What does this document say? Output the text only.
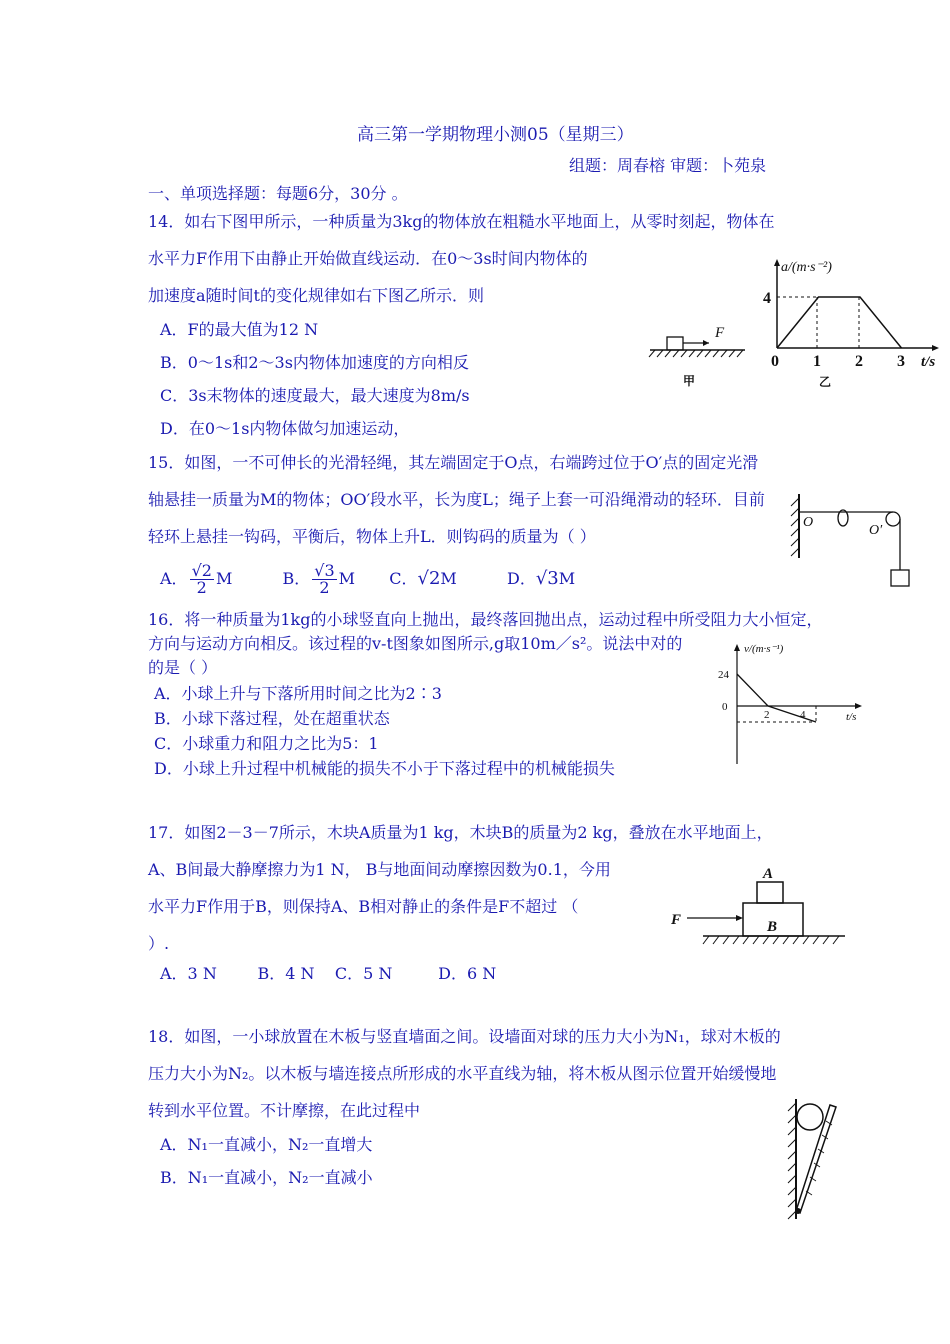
高三第一学期物理小测05（星期三）
组题：周春榕 审题：卜苑泉
一、单项选择题：每题6分，30分 。
14．如右下图甲所示，一种质量为3kg的物体放在粗糙水平地面上，从零时刻起，物体在
水平力F作用下由静止开始做直线运动．在0～3s时间内物体的
加速度a随时间t的变化规律如右下图乙所示．则
A．F的最大值为12 N
B．0～1s和2～3s内物体加速度的方向相反
C．3s末物体的速度最大，最大速度为8m/s
D．在0～1s内物体做匀加速运动，
F
甲
a/(m·s⁻²)
4
0 1 2 3 t/s
乙
15．如图，一不可伸长的光滑轻绳，其左端固定于O点，右端跨过位于O′点的固定光滑
轴悬挂一质量为M的物体；OO′段水平，长为度L；绳子上套一可沿绳滑动的轻环．目前
轻环上悬挂一钩码，平衡后，物体上升L．则钩码的质量为（ ）
A． $\frac{√2}{2}$ M	B． $\frac{√3}{2}$ M C．√2M	D．√3M
O
O′
16．将一种质量为1kg的小球竖直向上抛出，最终落回抛出点，运动过程中所受阻力大小恒定，
方向与运动方向相反。该过程的v-t图象如图所示,g取10m／s²。说法中对的
的是（ ）
A．小球上升与下落所用时间之比为2∶3
B．小球下落过程，处在超重状态
C．小球重力和阻力之比为5：1
D．小球上升过程中机械能的损失不小于下落过程中的机械能损失
v/(m·s⁻¹)
24
0
2	4	t/s
17．如图2－3－7所示，木块A质量为1 kg，木块B的质量为2 kg，叠放在水平地面上，
A、B间最大静摩擦力为1 N， B与地面间动摩擦因数为0.1，今用
水平力F作用于B，则保持A、B相对静止的条件是F不超过 （
）.
A．3 N        B．4 N    C．5 N         D．6 N
A
B
F
18．如图，一小球放置在木板与竖直墙面之间。设墙面对球的压力大小为N₁，球对木板的
压力大小为N₂。以木板与墙连接点所形成的水平直线为轴，将木板从图示位置开始缓慢地
转到水平位置。不计摩擦，在此过程中
A．N₁一直减小，N₂一直增大
B．N₁一直减小，N₂一直减小
